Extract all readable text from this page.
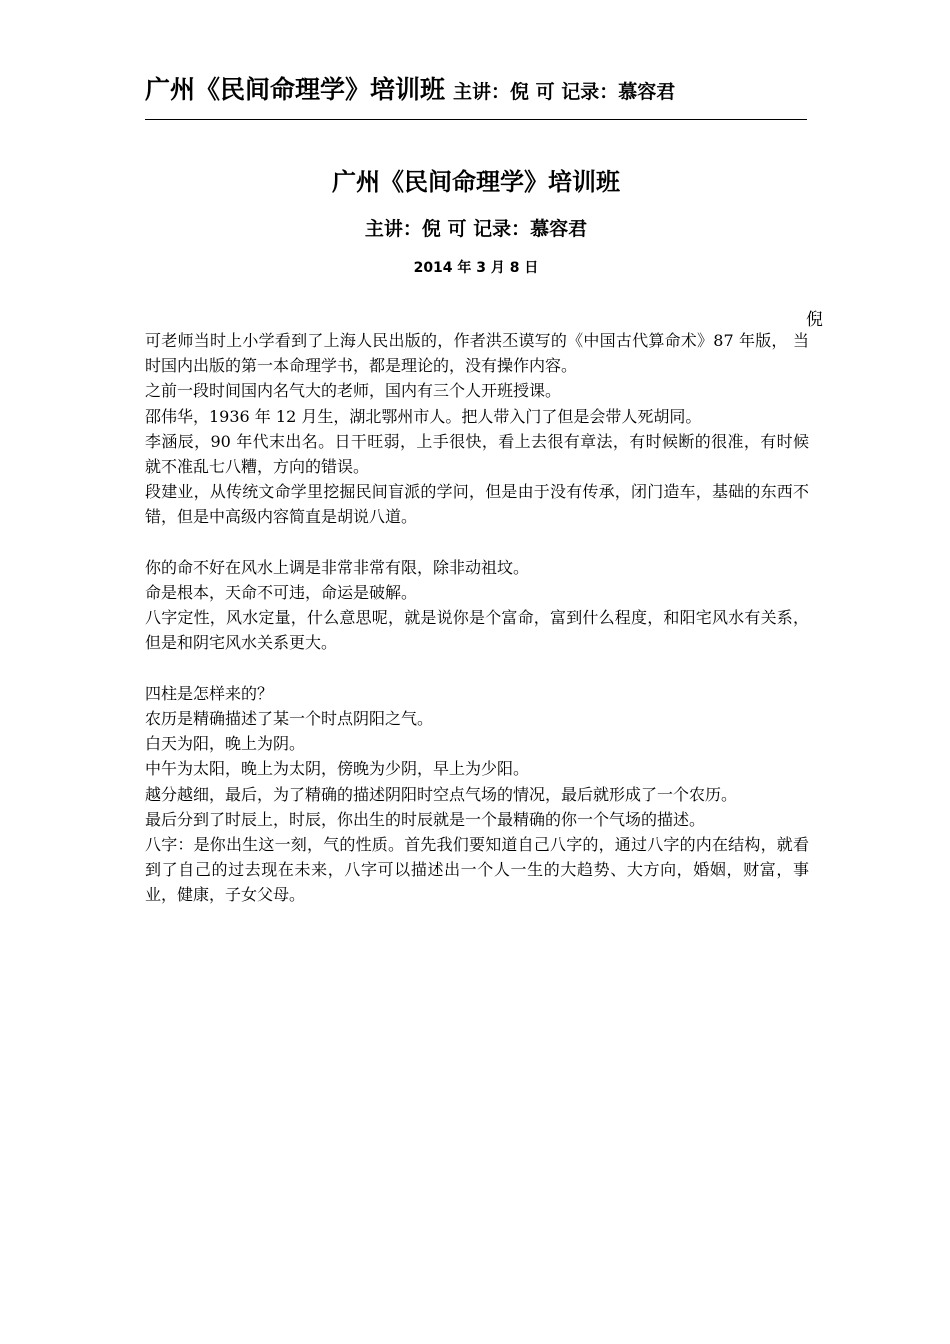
广州《民间命理学》培训班 主讲：倪 可 记录：慕容君
广州《民间命理学》培训班
主讲：倪 可 记录：慕容君
2014 年 3 月 8 日
倪

可老师当时上小学看到了上海人民出版的，作者洪丕谟写的《中国古代算命术》87 年版， 当时国内出版的第一本命理学书，都是理论的，没有操作内容。

之前一段时间国内名气大的老师，国内有三个人开班授课。

邵伟华，1936 年 12 月生，湖北鄂州市人。把人带入门了但是会带人死胡同。

李涵辰，90 年代末出名。日干旺弱，上手很快，看上去很有章法，有时候断的很准，有时候就不准乱七八糟，方向的错误。

段建业，从传统文命学里挖掘民间盲派的学问，但是由于没有传承，闭门造车，基础的东西不错，但是中高级内容简直是胡说八道。

你的命不好在风水上调是非常非常有限，除非动祖坟。

命是根本，天命不可违，命运是破解。

八字定性，风水定量，什么意思呢，就是说你是个富命，富到什么程度，和阳宅风水有关系，但是和阴宅风水关系更大。

四柱是怎样来的？

农历是精确描述了某一个时点阴阳之气。

白天为阳，晚上为阴。

中午为太阳，晚上为太阴，傍晚为少阴，早上为少阳。

越分越细，最后，为了精确的描述阴阳时空点气场的情况，最后就形成了一个农历。

最后分到了时辰上，时辰，你出生的时辰就是一个最精确的你一个气场的描述。

八字：是你出生这一刻，气的性质。首先我们要知道自己八字的，通过八字的内在结构，就看到了自己的过去现在未来，八字可以描述出一个人一生的大趋势、大方向，婚姻，财富，事业，健康，子女父母。
